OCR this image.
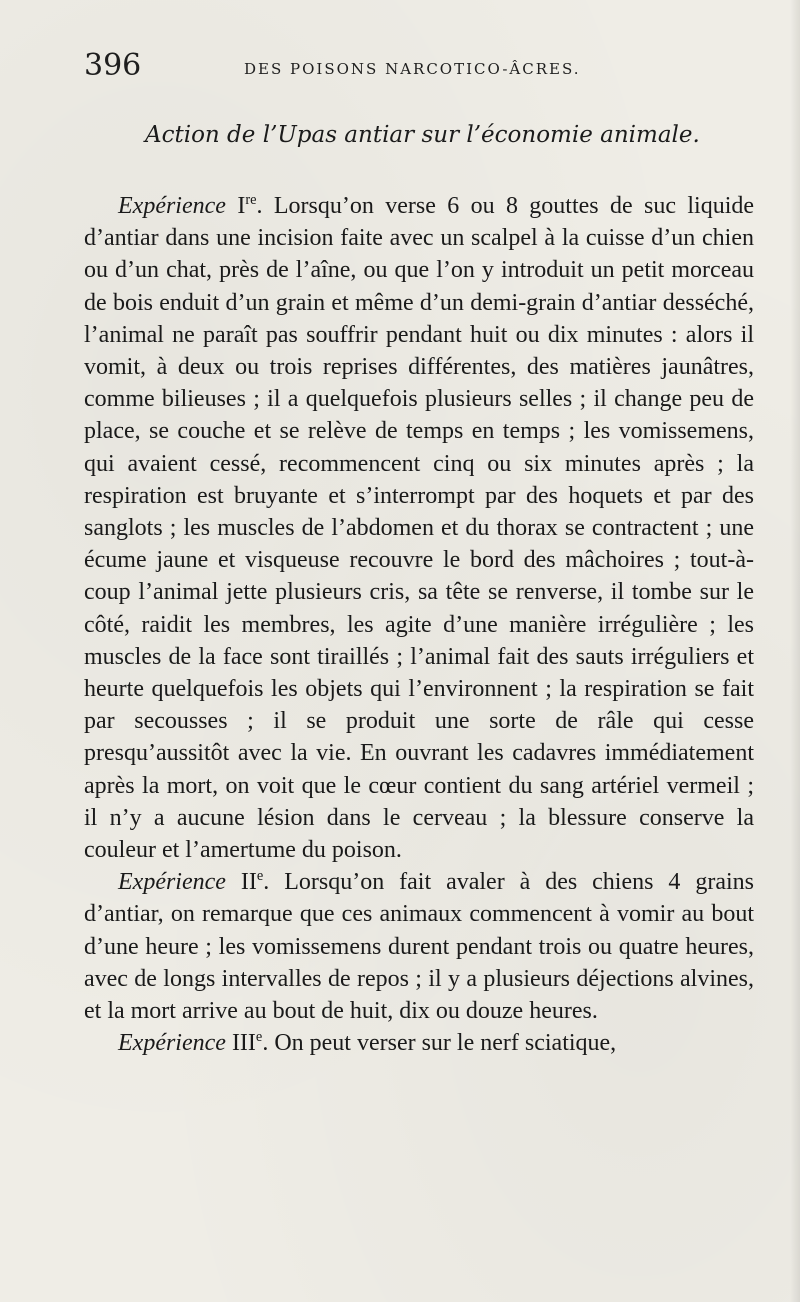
396	DES POISONS NARCOTICO-ÂCRES.
Action de l’Upas antiar sur l’économie animale.

Expérience Ire. Lorsqu’on verse 6 ou 8 gouttes de suc liquide d’antiar dans une incision faite avec un scalpel à la cuisse d’un chien ou d’un chat, près de l’aîne, ou que l’on y introduit un petit morceau de bois enduit d’un grain et même d’un demi-grain d’antiar desséché, l’animal ne paraît pas souffrir pendant huit ou dix minutes : alors il vomit, à deux ou trois reprises différentes, des matières jaunâtres, comme bilieuses ; il a quelquefois plusieurs selles ; il change peu de place, se couche et se relève de temps en temps ; les vomissemens, qui avaient cessé, recommencent cinq ou six minutes après ; la respiration est bruyante et s’interrompt par des hoquets et par des sanglots ; les muscles de l’abdomen et du thorax se contractent ; une écume jaune et visqueuse recouvre le bord des mâchoires ; tout-à-coup l’animal jette plusieurs cris, sa tête se renverse, il tombe sur le côté, raidit les membres, les agite d’une manière irrégulière ; les muscles de la face sont tiraillés ; l’animal fait des sauts irréguliers et heurte quelquefois les objets qui l’environnent ; la respiration se fait par secousses ; il se produit une sorte de râle qui cesse presqu’aussitôt avec la vie. En ouvrant les cadavres immédiatement après la mort, on voit que le cœur contient du sang artériel vermeil ; il n’y a aucune lésion dans le cerveau ; la blessure conserve la couleur et l’amertume du poison.

Expérience IIe. Lorsqu’on fait avaler à des chiens 4 grains d’antiar, on remarque que ces animaux commencent à vomir au bout d’une heure ; les vomissemens durent pendant trois ou quatre heures, avec de longs intervalles de repos ; il y a plusieurs déjections alvines, et la mort arrive au bout de huit, dix ou douze heures.

Expérience IIIe. On peut verser sur le nerf sciatique,
